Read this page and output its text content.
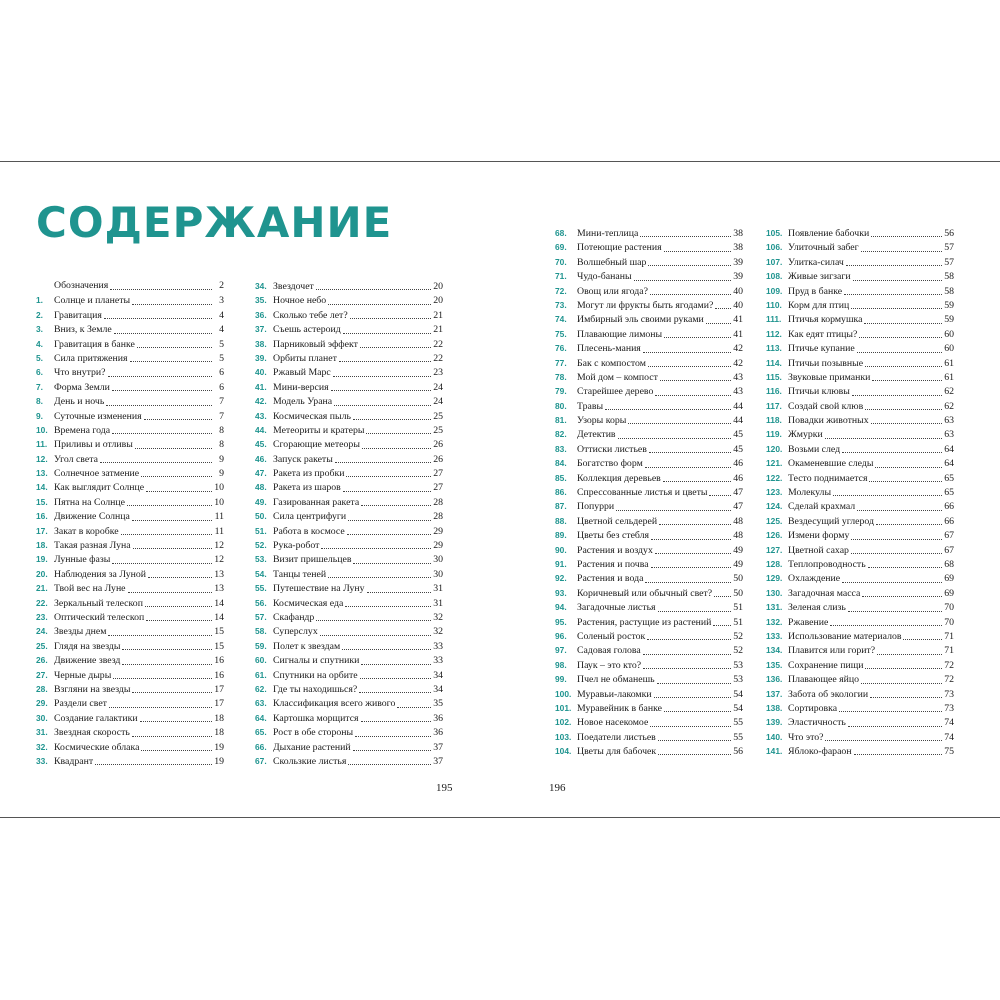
СОДЕРЖАНИЕ
Обозначения	2
1.	Солнце и планеты	3
2.	Гравитация	4
3.	Вниз, к Земле	4
4.	Гравитация в банке	5
5.	Сила притяжения	5
6.	Что внутри?	6
7.	Форма Земли	6
8.	День и ночь	7
9.	Суточные изменения	7
10. Времена года	8
11. Приливы и отливы	8
12. Угол света	9
13. Солнечное затмение	9
14. Как выглядит Солнце	10
15. Пятна на Солнце	10
16. Движение Солнца	11
17. Закат в коробке	11
18. Такая разная Луна	12
19. Лунные фазы	12
20. Наблюдения за Луной	13
21. Твой вес на Луне	13
22. Зеркальный телескоп	14
23. Оптический телескоп	14
24. Звезды днем	15
25. Глядя на звезды	15
26. Движение звезд	16
27. Черные дыры	16
28. Взгляни на звезды	17
29. Раздели свет	17
30. Создание галактики	18
31. Звездная скорость	18
32. Космические облака	19
33. Квадрант	19
34. Звездочет	20
35. Ночное небо	20
36. Сколько тебе лет?	21
37. Съешь астероид	21
38. Парниковый эффект	22
39. Орбиты планет	22
40. Ржавый Марс	23
41. Мини-версия	24
42. Модель Урана	24
43. Космическая пыль	25
44. Метеориты и кратеры	25
45. Сгорающие метеоры	26
46. Запуск ракеты	26
47. Ракета из пробки	27
48. Ракета из шаров	27
49. Газированная ракета	28
50. Сила центрифуги	28
51. Работа в космосе	29
52. Рука-робот	29
53. Визит пришельцев	30
54. Танцы теней	30
55. Путешествие на Луну	31
56. Космическая еда	31
57. Скафандр	32
58. Суперслух	32
59. Полет к звездам	33
60. Сигналы и спутники	33
61. Спутники на орбите	34
62. Где ты находишься?	34
63. Классификация всего живого	35
64. Картошка морщится	36
65. Рост в обе стороны	36
66. Дыхание растений	37
67. Скользкие листья	37
68.	Мини-теплица	38
69.	Потеющие растения	38
70.	Волшебный шар	39
71.	Чудо-бананы	39
72.	Овощ или ягода?	40
73.	Могут ли фрукты быть ягодами? 40
74.	Имбирный эль своими руками	41
75.	Плавающие лимоны	41
76.	Плесень-мания	42
77.	Бак с компостом	42
78.	Мой дом – компост	43
79.	Старейшее дерево	43
80.	Травы	44
81.	Узоры коры	44
82.	Детектив	45
83.	Оттиски листьев	45
84.	Богатство форм	46
85.	Коллекция деревьев	46
86.	Спрессованные листья и цветы	47
87.	Попурри	47
88.	Цветной сельдерей	48
89.	Цветы без стебля	48
90.	Растения и воздух	49
91.	Растения и почва	49
92.	Растения и вода	50
93.	Коричневый или обычный свет? 50
94.	Загадочные листья	51
95.	Растения, растущие из растений 51
96.	Соленый росток	52
97.	Садовая голова	52
98.	Паук – это кто?	53
99.	Пчел не обманешь	53
100. Муравьи-лакомки	54
101. Муравейник в банке	54
102. Новое насекомое	55
103. Поедатели листьев	55
104. Цветы для бабочек	56
105. Появление бабочки	56
106. Улиточный забег	57
107. Улитка-силач	57
108. Живые зигзаги	58
109. Пруд в банке	58
110. Корм для птиц	59
111. Птичья кормушка	59
112. Как едят птицы?	60
113. Птичье купание	60
114. Птичьи позывные	61
115. Звуковые приманки	61
116. Птичьи клювы	62
117. Создай свой клюв	62
118. Повадки животных	63
119. Жмурки	63
120. Возьми след	64
121. Окаменевшие следы	64
122. Тесто поднимается	65
123. Молекулы	65
124. Сделай крахмал	66
125. Вездесущий углерод	66
126. Измени форму	67
127. Цветной сахар	67
128. Теплопроводность	68
129. Охлаждение	69
130. Загадочная масса	69
131. Зеленая слизь	70
132. Ржавение	70
133. Использование материалов	71
134. Плавится или горит?	71
135. Сохранение пищи	72
136. Плавающее яйцо	72
137. Забота об экологии	73
138. Сортировка	73
139. Эластичность	74
140. Что это?	74
141. Яблоко-фараон	75
195	196
